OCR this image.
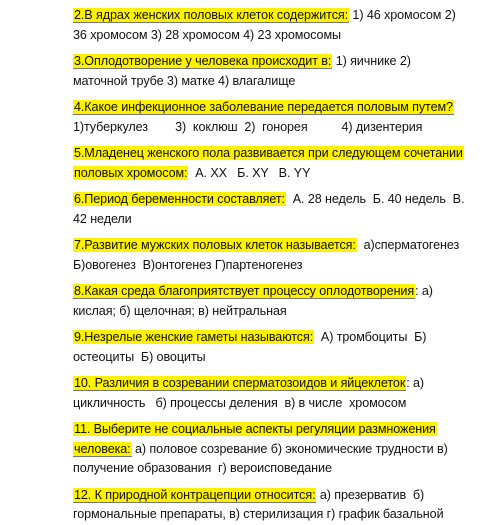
2.В ядрах женских половых клеток содержится: 1) 46 хромосом 2)
36 хромосом 3) 28 хромосом 4) 23 хромосомы
3.Оплодотворение у человека происходит в: 1) яичнике 2)
маточной трубе 3) матке 4) влагалище
4.Какое инфекционное заболевание передается половым путем?
1)туберкулез        3)  коклюш  2)  гонорея          4) дизентерия
5.Младенец женского пола развивается при следующем сочетании
половых хромосом:  А. ХХ   Б. ХY   В. YY
6.Период беременности составляет:  А. 28 недель  Б. 40 недель  В.
42 недели
7.Развитие мужских половых клеток называется:  а)сперматогенез
Б)овогенез  В)онтогенез Г)партеногенез
8.Какая среда благоприятствует процессу оплодотворения: а)
кислая; б) щелочная; в) нейтральная
9.Незрелые женские гаметы называются:  А) тромбоциты  Б)
остеоциты  Б) овоциты
10. Различия в созревании сперматозоидов и яйцеклеток: а)
цикличность   б) процессы деления  в) в числе  хромосом
11. Выберите не социальные аспекты регуляции размножения
человека: а) половое созревание б) экономические трудности в)
получение образования  г) вероисповедание
12. К природной контрацепции относится: а) презерватив  б)
гормональные препараты, в) стерилизация г) график базальной
